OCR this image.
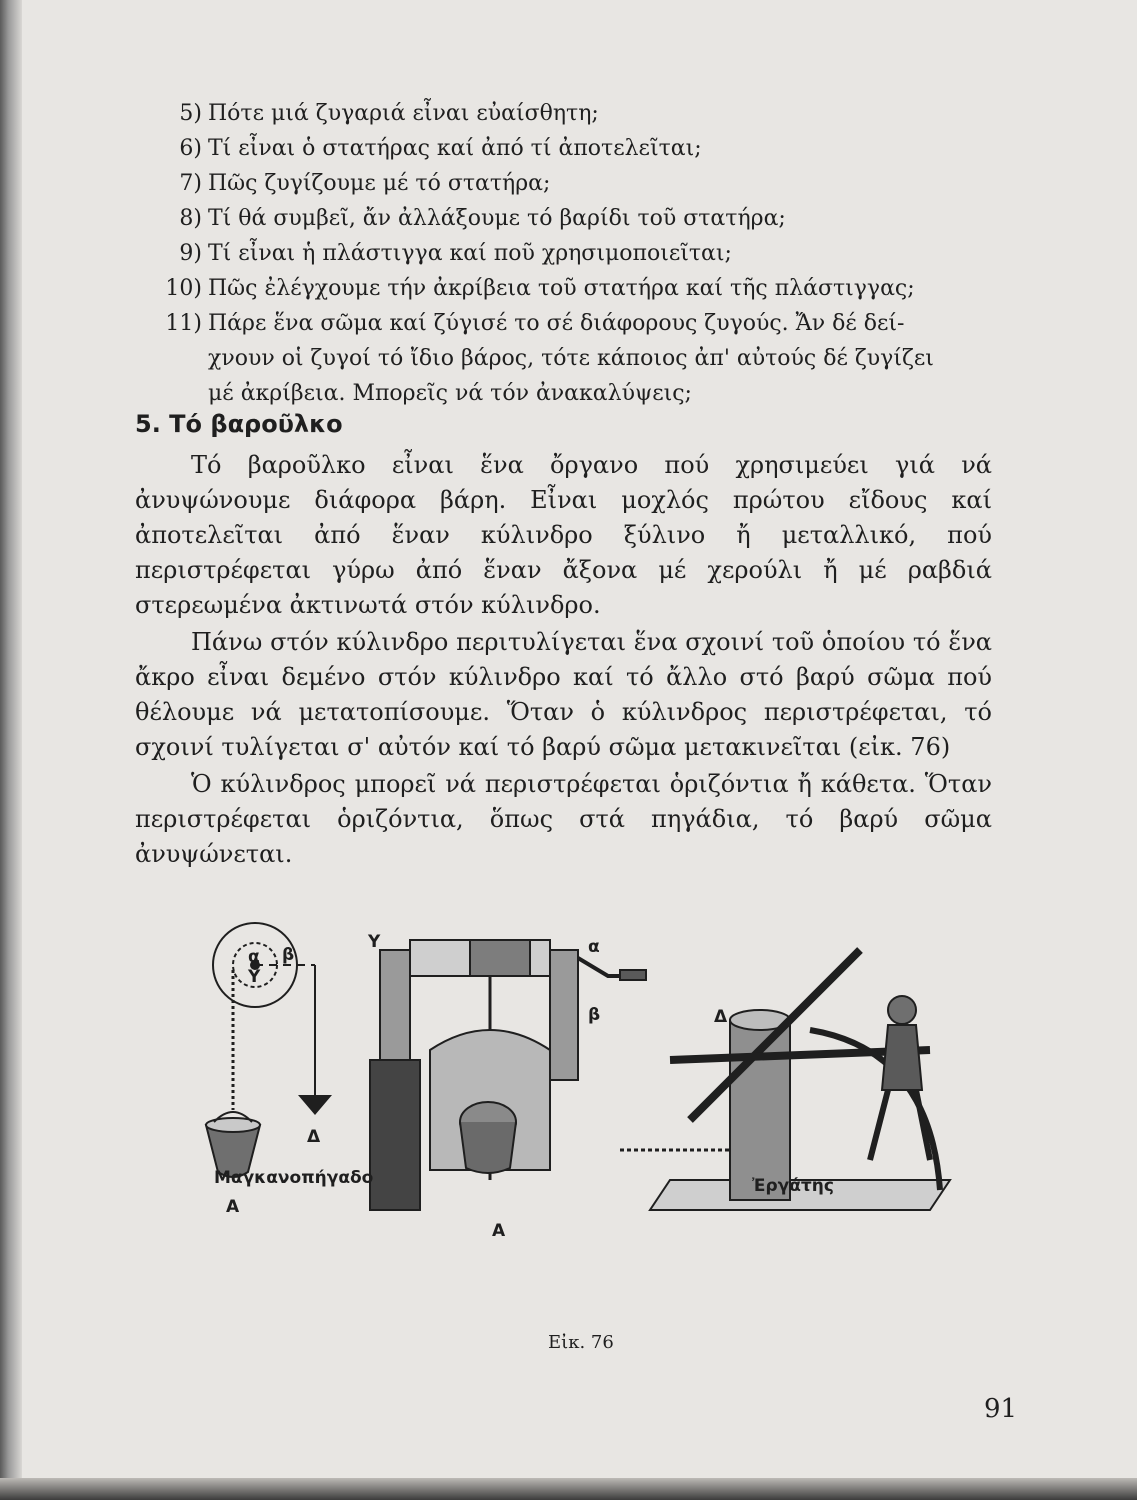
5) Πότε μιά ζυγαριά εἶναι εὐαίσθητη;
6) Τί εἶναι ὁ στατήρας καί ἀπό τί ἀποτελεῖται;
7) Πῶς ζυγίζουμε μέ τό στατήρα;
8) Τί θά συμβεῖ, ἄν ἀλλάξουμε τό βαρίδι τοῦ στατήρα;
9) Τί εἶναι ἡ πλάστιγγα καί ποῦ χρησιμοποιεῖται;
10) Πῶς ἐλέγχουμε τήν ἀκρίβεια τοῦ στατήρα καί τῆς πλάστιγγας;
11) Πάρε ἕνα σῶμα καί ζύγισέ το σέ διάφορους ζυγούς. Ἄν δέ δεί-
χνουν οἱ ζυγοί τό ἴδιο βάρος, τότε κάποιος ἀπ' αὐτούς δέ ζυγίζει
μέ ἀκρίβεια. Μπορεῖς νά τόν ἀνακαλύψεις;
5. Τό βαροῦλκο

Τό βαροῦλκο εἶναι ἕνα ὄργανο πού χρησιμεύει γιά νά ἀνυψώνουμε διάφορα βάρη. Εἶναι μοχλός πρώτου εἴδους καί ἀποτελεῖται ἀπό ἕναν κύλινδρο ξύλινο ἤ μεταλλικό, πού περιστρέφεται γύρω ἀπό ἕναν ἄξονα μέ χερούλι ἤ μέ ραβδιά στερεωμένα ἀκτινωτά στόν κύλινδρο.

Πάνω στόν κύλινδρο περιτυλίγεται ἕνα σχοινί τοῦ ὁποίου τό ἕνα ἄκρο εἶναι δεμένο στόν κύλινδρο καί τό ἄλλο στό βαρύ σῶμα πού θέλουμε νά μετατοπίσουμε. Ὅταν ὁ κύλινδρος περιστρέφεται, τό σχοινί τυλίγεται σ' αὐτόν καί τό βαρύ σῶμα μετακινεῖται (εἰκ. 76)

Ὁ κύλινδρος μπορεῖ νά περιστρέφεται ὁριζόντια ἤ κάθετα. Ὅταν περιστρέφεται ὁριζόντια, ὅπως στά πηγάδια, τό βαρύ σῶμα ἀνυψώνεται.

α
Υ
β
Δ
Α
Υ	α
β	Δ
Α
Μαγκανοπήγαδο	Ἐργάτης
Εἰκ. 76
91
